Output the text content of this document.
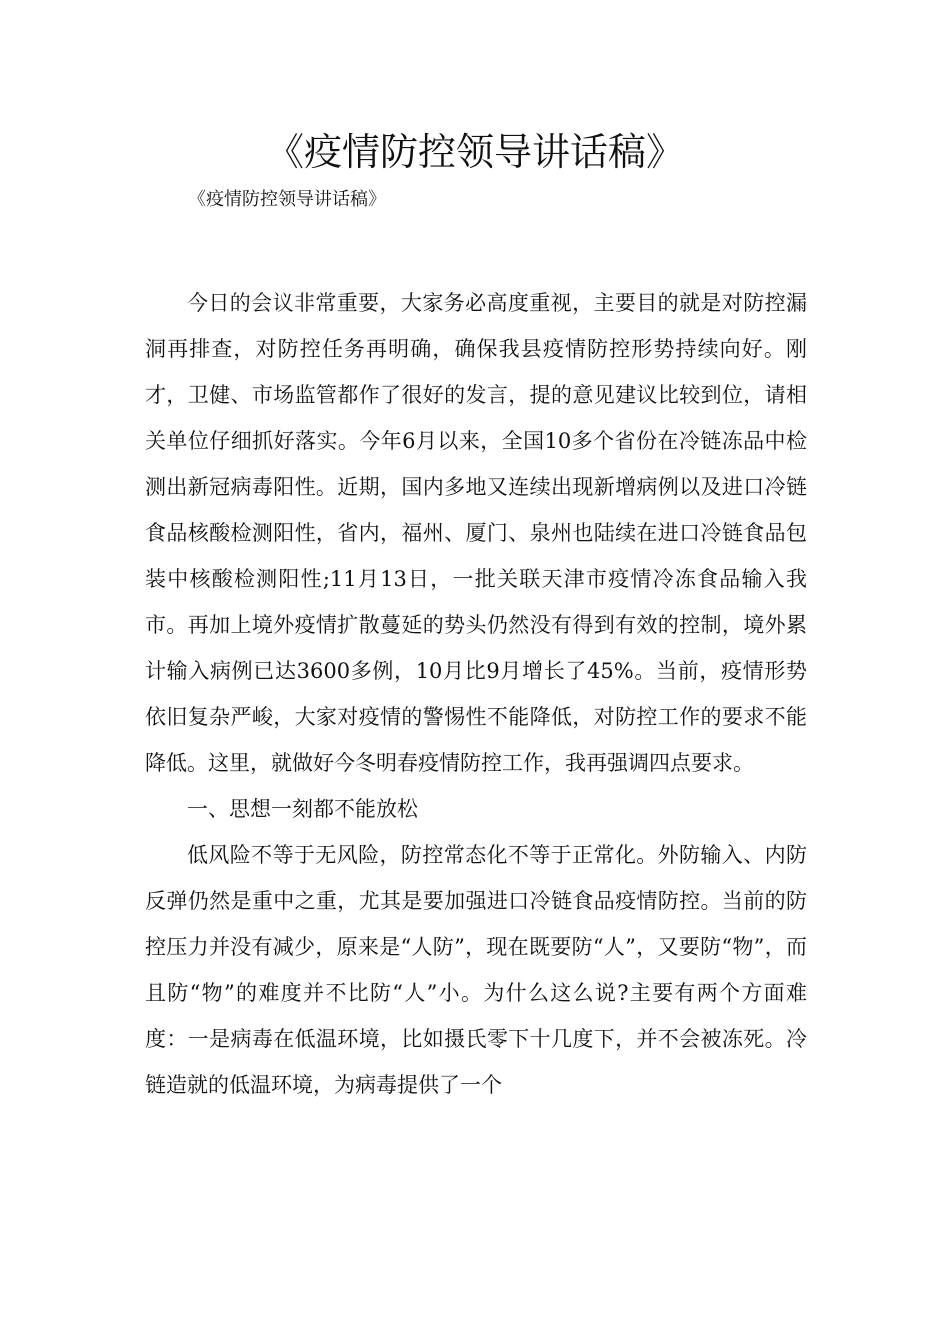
《疫情防控领导讲话稿》

《疫情防控领导讲话稿》

今日的会议非常重要，大家务必高度重视，主要目的就是对防控漏洞再排查，对防控任务再明确，确保我县疫情防控形势持续向好。刚才，卫健、市场监管都作了很好的发言，提的意见建议比较到位，请相关单位仔细抓好落实。今年6月以来，全国10多个省份在冷链冻品中检测出新冠病毒阳性。近期，国内多地又连续出现新增病例以及进口冷链食品核酸检测阳性，省内，福州、厦门、泉州也陆续在进口冷链食品包装中核酸检测阳性;11月13日，一批关联天津市疫情冷冻食品输入我市。再加上境外疫情扩散蔓延的势头仍然没有得到有效的控制，境外累计输入病例已达3600多例，10月比9月增长了45%。当前，疫情形势依旧复杂严峻，大家对疫情的警惕性不能降低，对防控工作的要求不能降低。这里，就做好今冬明春疫情防控工作，我再强调四点要求。

一、思想一刻都不能放松

低风险不等于无风险，防控常态化不等于正常化。外防输入、内防反弹仍然是重中之重，尤其是要加强进口冷链食品疫情防控。当前的防控压力并没有减少，原来是“人防”，现在既要防“人”，又要防“物”，而且防“物”的难度并不比防“人”小。为什么这么说?主要有两个方面难度：一是病毒在低温环境，比如摄氏零下十几度下，并不会被冻死。冷链造就的低温环境，为病毒提供了一个
